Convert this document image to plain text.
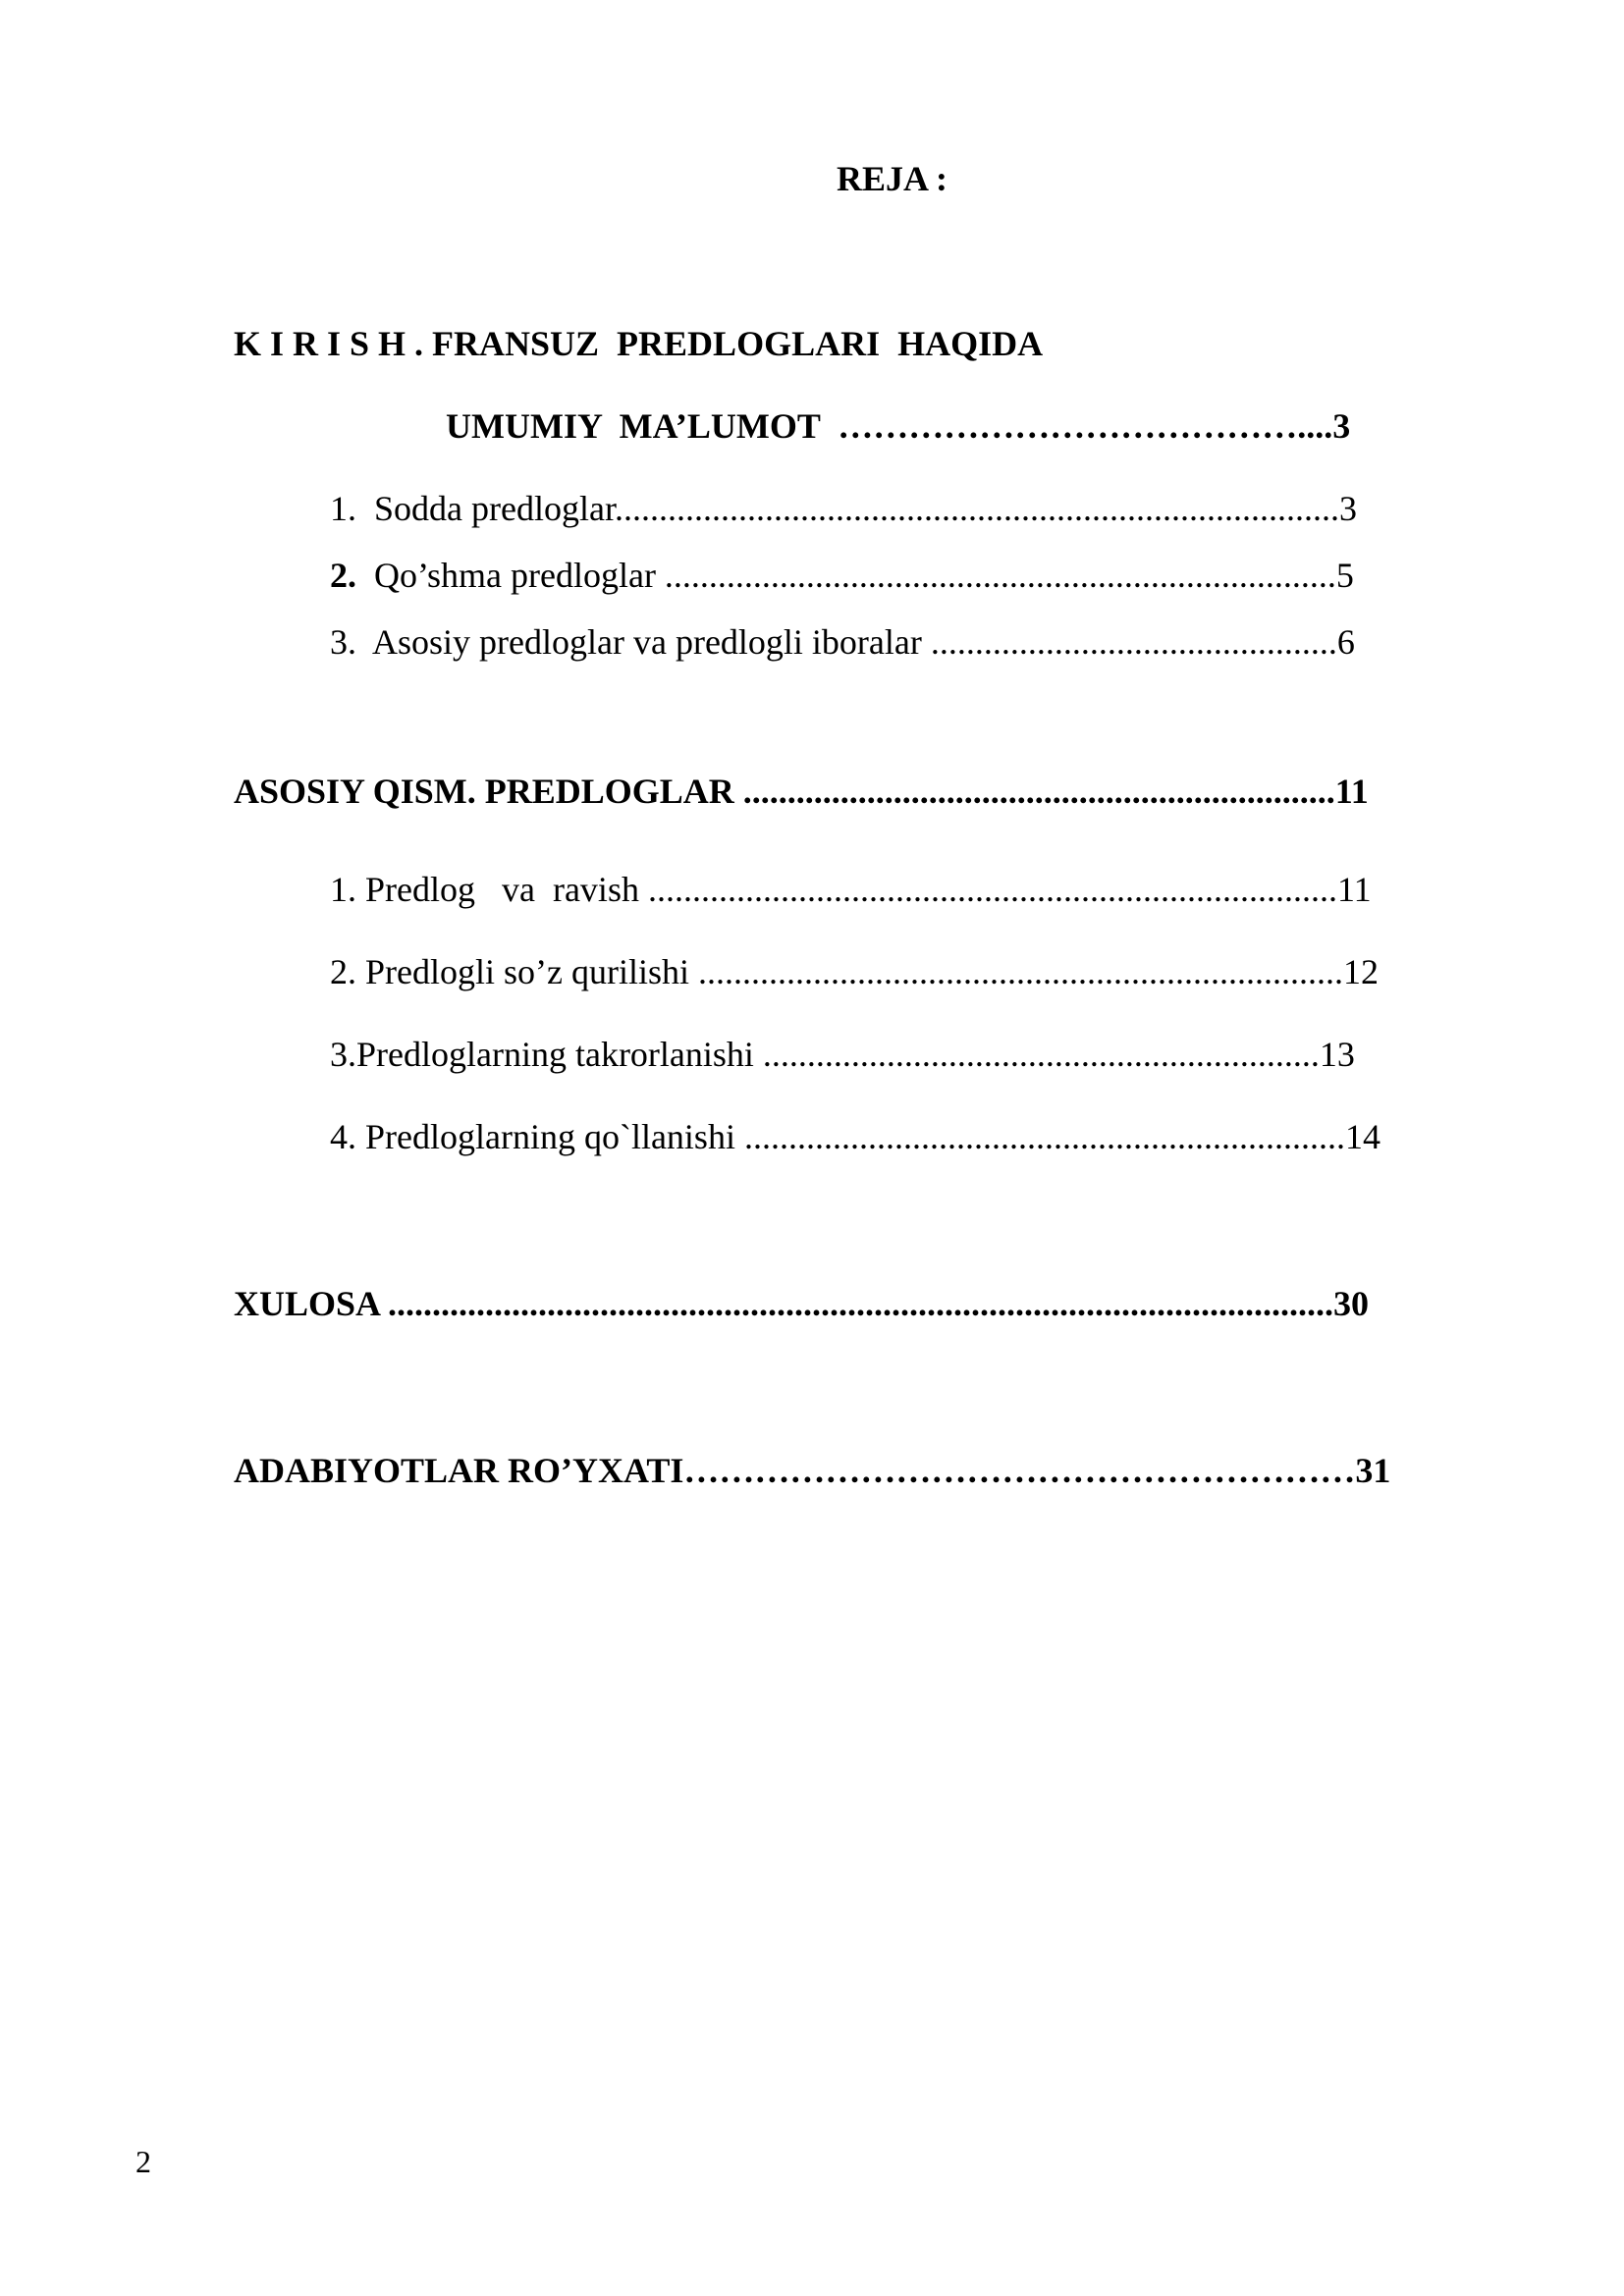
REJA :
K I R I S H . FRANSUZ  PREDLOGLARI  HAQIDA
UMUMIY  MA’LUMOT  …………………………………....3
1.  Sodda predloglar..................................................................................3
2.  Qo’shma predloglar ............................................................................5
3.  Asosiy predloglar va predlogli iboralar ..............................................6
ASOSIY QISM. PREDLOGLAR ...................................................................11
1. Predlog   va  ravish ..............................................................................11
2. Predlogli so’z qurilishi .........................................................................12
3.Predloglarning takrorlanishi ...............................................................13
4. Predloglarning qo`llanishi ....................................................................14
XULOSA ...........................................................................................................30
ADABIYOTLAR RO’YXATI…………………………………………………31
2
